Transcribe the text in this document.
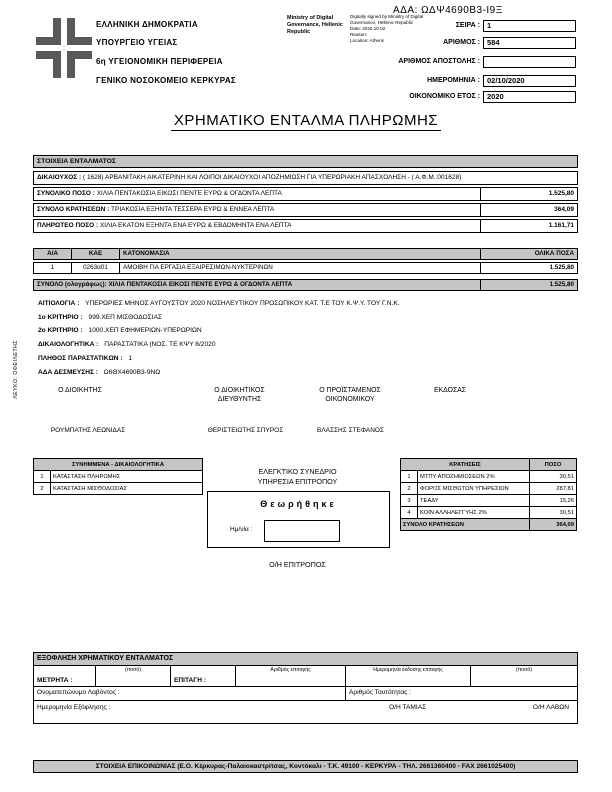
ΑΔΑ: ΩΔΨ4690Β3-Ι9Ξ
ΕΛΛΗΝΙΚΗ ΔΗΜΟΚΡΑΤΙΑ
ΥΠΟΥΡΓΕΙΟ ΥΓΕΙΑΣ
6η ΥΓΕΙΟΝΟΜΙΚΗ ΠΕΡΙΦΕΡΕΙΑ
ΓΕΝΙΚΟ ΝΟΣΟΚΟΜΕΙΟ ΚΕΡΚΥΡΑΣ
Ministry of Digital Governance, Hellenic Republic
Digitally signed by Ministry of Digital Governance, Hellenic Republic
Date: 2020.10.02
Reason:
Location: Athens
ΣΕΙΡΑ : 1
ΑΡΙΘΜΟΣ : 584
ΑΡΙΘΜΟΣ ΑΠΟΣΤΟΛΗΣ :
ΗΜΕΡΟΜΗΝΙΑ : 02/10/2020
ΟΙΚΟΝΟΜΙΚΟ ΕΤΟΣ : 2020
ΧΡΗΜΑΤΙΚΟ ΕΝΤΑΛΜΑ ΠΛΗΡΩΜΗΣ
ΣΤΟΙΧΕΙΑ ΕΝΤΑΛΜΑΤΟΣ
ΔΙΚΑΙΟΥΧΟΣ : ( 1628) ΑΡΒΑΝΙΤΑΚΗ ΑΙΚΑΤΕΡΙΝΗ ΚΑΙ ΛΟΙΠΟΙ ΔΙΚΑΙΟΥΧΟΙ ΑΠΟΖΗΜΙΩΣΗ ΓΙΑ ΥΠΕΡΩΡΙΑΚΗ ΑΠΑΣΧΟΛΗΣΗ - ( Α.Φ.Μ.:001628)
ΣΥΝΟΛΙΚΟ ΠΟΣΟ : ΧΙΛΙΑ ΠΕΝΤΑΚΟΣΙΑ ΕΙΚΟΣΙ ΠΕΝΤΕ ΕΥΡΩ & ΟΓΔΟΝΤΑ ΛΕΠΤΑ	1.525,80
ΣΥΝΟΛΟ ΚΡΑΤΗΣΕΩΝ : ΤΡΙΑΚΟΣΙΑ ΕΞΗΝΤΑ ΤΕΣΣΕΡΑ ΕΥΡΩ & ΕΝΝΕΑ ΛΕΠΤΑ	364,09
ΠΛΗΡΩΤΕΟ ΠΟΣΟ : ΧΙΛΙΑ ΕΚΑΤΟΝ ΕΞΗΝΤΑ ΕΝΑ ΕΥΡΩ & ΕΒΔΟΜΗΝΤΑ ΕΝΑ ΛΕΠΤΑ	1.161,71
Α/Α	ΚΑΕ	ΚΑΤΟΝΟΜΑΣΙΑ	ΟΛΙΚΑ ΠΟΣΑ
1	0263α01	ΑΜΟΙΒΗ ΓΙΑ ΕΡΓΑΣΙΑ ΕΞΑΙΡΕΣΙΜΩΝ-ΝΥΚΤΕΡΙΝΩΝ	1.525,80
ΣΥΝΟΛΟ (ολογράφως): ΧΙΛΙΑ ΠΕΝΤΑΚΟΣΙΑ ΕΙΚΟΣΙ ΠΕΝΤΕ ΕΥΡΩ & ΟΓΔΟΝΤΑ ΛΕΠΤΑ	1.525,80
ΑΙΤΙΟΛΟΓΙΑ : ΥΠΕΡΩΡΙΕΣ ΜΗΝΟΣ ΑΥΓΟΥΣΤΟΥ 2020 ΝΟΣΗΛΕΥΤΙΚΟΥ ΠΡΟΣΩΠΙΚΟΥ ΚΑΤ. Τ.Ε ΤΟΥ Κ.Ψ.Υ. ΤΟΥ Γ.Ν.Κ.
1ο ΚΡΙΤΗΡΙΟ : 999.ΧΕΠ ΜΙΣΘΟΔΟΣΙΑΣ
2ο ΚΡΙΤΗΡΙΟ : 1000.ΧΕΠ ΕΦΗΜΕΡΙΩΝ-ΥΠΕΡΩΡΙΩΝ
ΔΙΚΑΙΟΛΟΓΗΤΙΚΑ : ΠΑΡΑΣΤΑΤΙΚΑ (ΝΟΣ. ΤΕ ΚΨΥ 8/2020
ΠΛΗΘΟΣ ΠΑΡΑΣΤΑΤΙΚΩΝ : 1
ΑΔΑ ΔΕΣΜΕΥΣΗΣ : Ω6ΘΧ4690Β3-9ΝΩ
Ο ΔΙΟΙΚΗΤΗΣ	Ο ΔΙΟΙΚΗΤΙΚΟΣ
ΔΙΕΥΘΥΝΤΗΣ
Ο ΠΡΟΪΣΤΑΜΕΝΟΣ
ΟΙΚΟΝΟΜΙΚΟΥ
ΕΚΔΟΣΑΣ
ΡΟΥΜΠΑΤΗΣ ΛΕΩΝΙΔΑΣ	ΘΕΡΙΣΤΕΙΩΤΗΣ ΣΠΥΡΟΣ	ΒΛΑΣΣΗΣ ΣΤΕΦΑΝΟΣ
ΛΕΥΚΟ: ΟΦΕΙΛΕΤΗΣ
ΣΥΝΗΜΜΕΝΑ - ΔΙΚΑΙΟΛΟΓΗΤΙΚΑ	
1	ΚΑΤΑΣΤΑΣΗ ΠΛΗΡΩΜΗΣ
2	ΚΑΤΑΣΤΑΣΗ ΜΙΣΘΟΔΟΣΙΑΣ
ΕΛΕΓΚΤΙΚΟ ΣΥΝΕΔΡΙΟ
ΥΠΗΡΕΣΙΑ ΕΠΙΤΡΟΠΟΥ
Θεωρήθηκε
Ημ/νία :
Ο/Η ΕΠΙΤΡΟΠΟΣ
ΚΡΑΤΗΣΕΙΣ		ΠΟΣΟ
1	ΜΤΠΥ ΑΠΟΖΗΜΙΩΣΕΩΝ 2%	30,51
2	ΦΟΡΟΣ ΜΙΣΘΩΤΩΝ ΥΠΗΡΕΣΙΩΝ	287,81
3	ΤΕΑΔΥ	15,26
4	ΚΟΙΝ ΑΛΛΗΛΕΓΓΥΗΣ 2%	30,51
ΣΥΝΟΛΟ ΚΡΑΤΗΣΕΩΝ		364,09
ΕΞΟΦΛΗΣΗ ΧΡΗΜΑΤΙΚΟΥ ΕΝΤΑΛΜΑΤΟΣ
ΜΕΤΡΗΤΑ :
(ποσό)
ΕΠΙΤΑΓΗ :
Αριθμός επιταγής	Ημερομηνία έκδοσης επιταγής	(ποσό)
Ονοματεπώνυμο Λαβόντος :	Αριθμός Ταυτότητας :
Ημερομηνία Εξόφλησης :	Ο/Η ΤΑΜΙΑΣ	Ο/Η ΛΑΒΩΝ
ΣΤΟΙΧΕΙΑ ΕΠΙΚΟΙΝΩΝΙΑΣ (Ε.Ο. Κέρκυρας-Παλαιοκαστρίτσας, Κοντόκαλι - Τ.Κ. 49100 - ΚΕΡΚΥΡΑ - ΤΗΛ. 2661360400 - FAX 2661025400)
